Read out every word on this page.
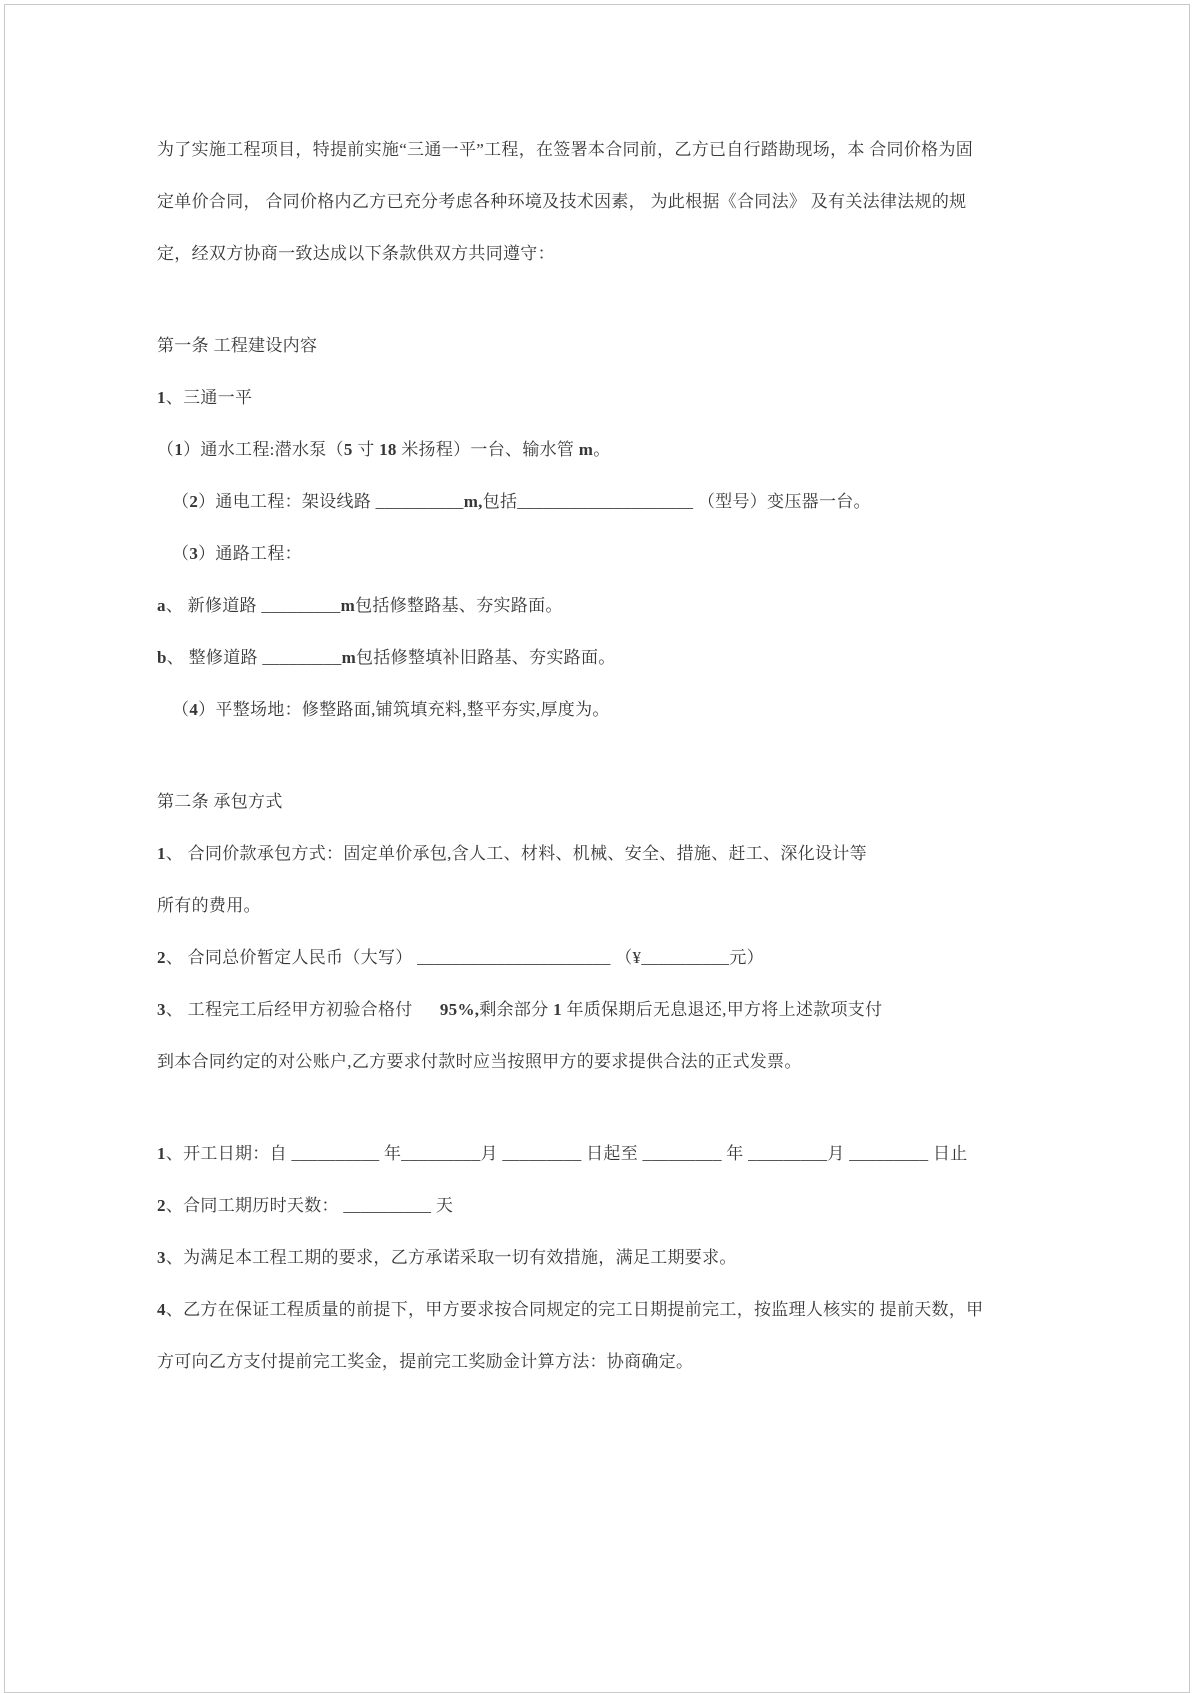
为了实施工程项目，特提前实施“三通一平”工程，在签署本合同前，乙方已自行踏勘现场，本 合同价格为固
定单价合同， 合同价格内乙方已充分考虑各种环境及技术因素， 为此根据《合同法》 及有关法律法规的规
定，经双方协商一致达成以下条款供双方共同遵守：
第一条 工程建设内容
1、三通一平
（1）通水工程:潜水泵（5 寸 18 米扬程）一台、输水管 m。
（2）通电工程：架设线路 __________m,包括____________________ （型号）变压器一台。
（3）通路工程：
a、 新修道路 _________m包括修整路基、夯实路面。
b、 整修道路 _________m包括修整填补旧路基、夯实路面。
（4）平整场地：修整路面,铺筑填充料,整平夯实,厚度为。
第二条 承包方式
1、 合同价款承包方式：固定单价承包,含人工、材料、机械、安全、措施、赶工、深化设计等
所有的费用。
2、 合同总价暂定人民币（大写） ______________________ （¥__________元）
3、 工程完工后经甲方初验合格付      95%,剩余部分 1 年质保期后无息退还,甲方将上述款项支付
到本合同约定的对公账户,乙方要求付款时应当按照甲方的要求提供合法的正式发票。
1、开工日期：自 __________ 年_________月 _________ 日起至 _________ 年 _________月 _________ 日止
2、合同工期历时天数： __________ 天
3、为满足本工程工期的要求，乙方承诺采取一切有效措施，满足工期要求。
4、乙方在保证工程质量的前提下，甲方要求按合同规定的完工日期提前完工，按监理人核实的 提前天数，甲
方可向乙方支付提前完工奖金，提前完工奖励金计算方法：协商确定。
